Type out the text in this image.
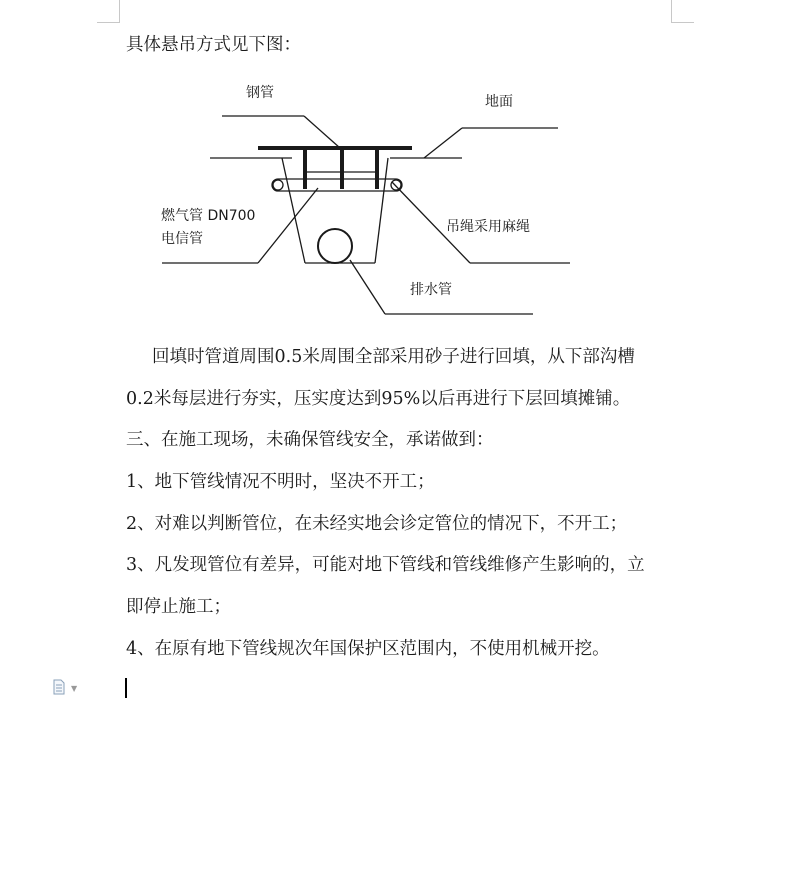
具体悬吊方式见下图：
钢管
地面
燃气管 DN700
电信管
吊绳采用麻绳
排水管
回填时管道周围0.5米周围全部采用砂子进行回填，从下部沟槽
0.2米每层进行夯实，压实度达到95%以后再进行下层回填摊铺。
三、在施工现场，未确保管线安全，承诺做到：
1、地下管线情况不明时，坚决不开工；
2、对难以判断管位，在未经实地会诊定管位的情况下，不开工；
3、凡发现管位有差异，可能对地下管线和管线维修产生影响的，立
即停止施工；
4、在原有地下管线规次年国保护区范围内，不使用机械开挖。
▼
